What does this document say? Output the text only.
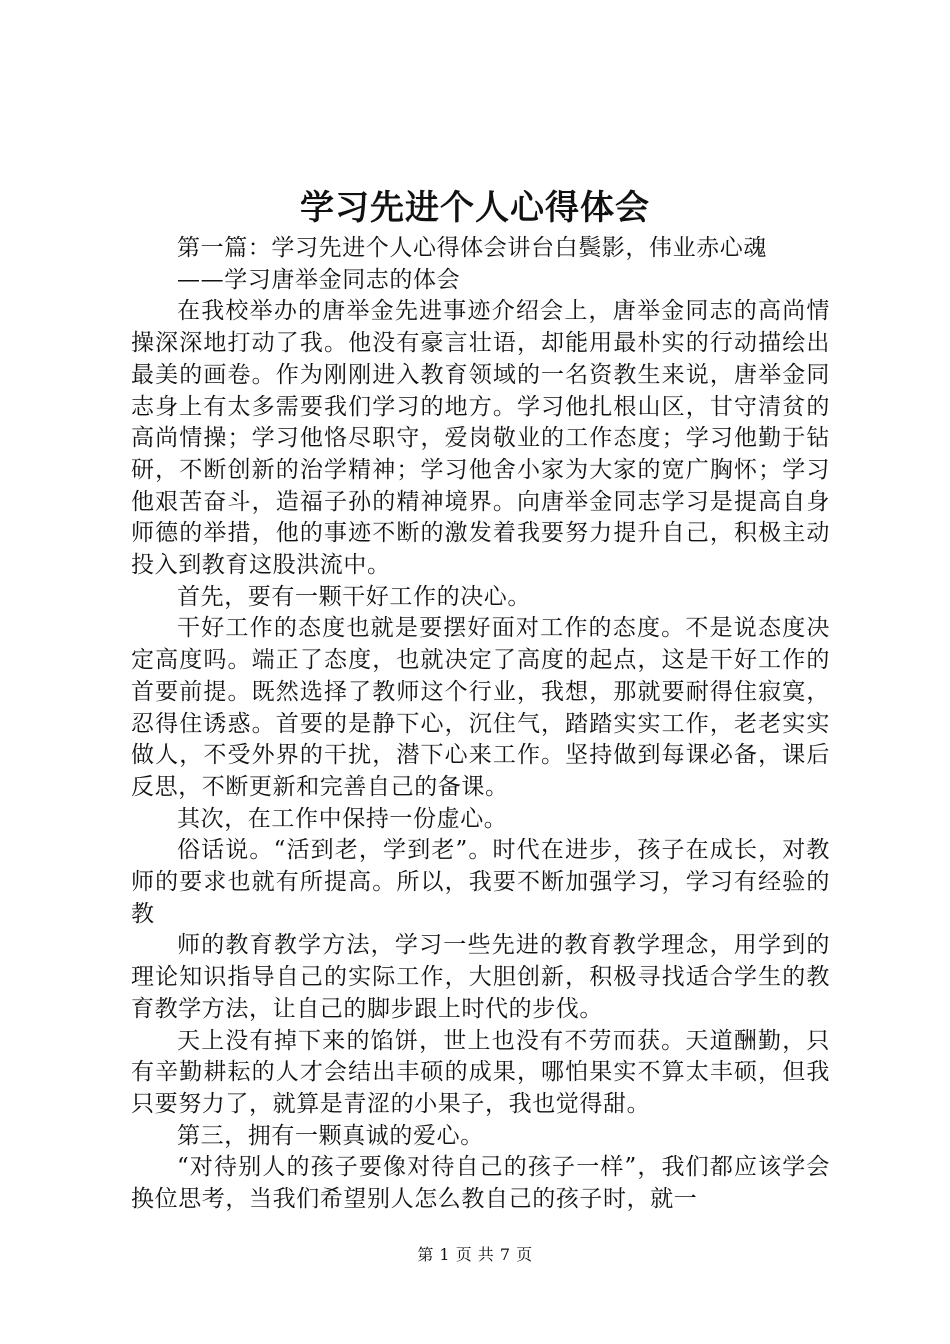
学习先进个人心得体会

第一篇：学习先进个人心得体会讲台白鬓影，伟业赤心魂

——学习唐举金同志的体会

在我校举办的唐举金先进事迹介绍会上，唐举金同志的高尚情操深深地打动了我。他没有豪言壮语，却能用最朴实的行动描绘出最美的画卷。作为刚刚进入教育领域的一名资教生来说，唐举金同志身上有太多需要我们学习的地方。学习他扎根山区，甘守清贫的高尚情操；学习他恪尽职守，爱岗敬业的工作态度；学习他勤于钻研，不断创新的治学精神；学习他舍小家为大家的宽广胸怀；学习他艰苦奋斗，造福子孙的精神境界。向唐举金同志学习是提高自身师德的举措，他的事迹不断的激发着我要努力提升自己，积极主动投入到教育这股洪流中。

首先，要有一颗干好工作的决心。

干好工作的态度也就是要摆好面对工作的态度。不是说态度决定高度吗。端正了态度，也就决定了高度的起点，这是干好工作的首要前提。既然选择了教师这个行业，我想，那就要耐得住寂寞，忍得住诱惑。首要的是静下心，沉住气，踏踏实实工作，老老实实做人，不受外界的干扰，潜下心来工作。坚持做到每课必备，课后反思，不断更新和完善自己的备课。

其次，在工作中保持一份虚心。

俗话说。“活到老，学到老”。时代在进步，孩子在成长，对教师的要求也就有所提高。所以，我要不断加强学习，学习有经验的教

师的教育教学方法，学习一些先进的教育教学理念，用学到的理论知识指导自己的实际工作，大胆创新，积极寻找适合学生的教育教学方法，让自己的脚步跟上时代的步伐。

天上没有掉下来的馅饼，世上也没有不劳而获。天道酬勤，只有辛勤耕耘的人才会结出丰硕的成果，哪怕果实不算太丰硕，但我只要努力了，就算是青涩的小果子，我也觉得甜。

第三，拥有一颗真诚的爱心。

“对待别人的孩子要像对待自己的孩子一样”，我们都应该学会换位思考，当我们希望别人怎么教自己的孩子时，就一

第 1 页 共 7 页
